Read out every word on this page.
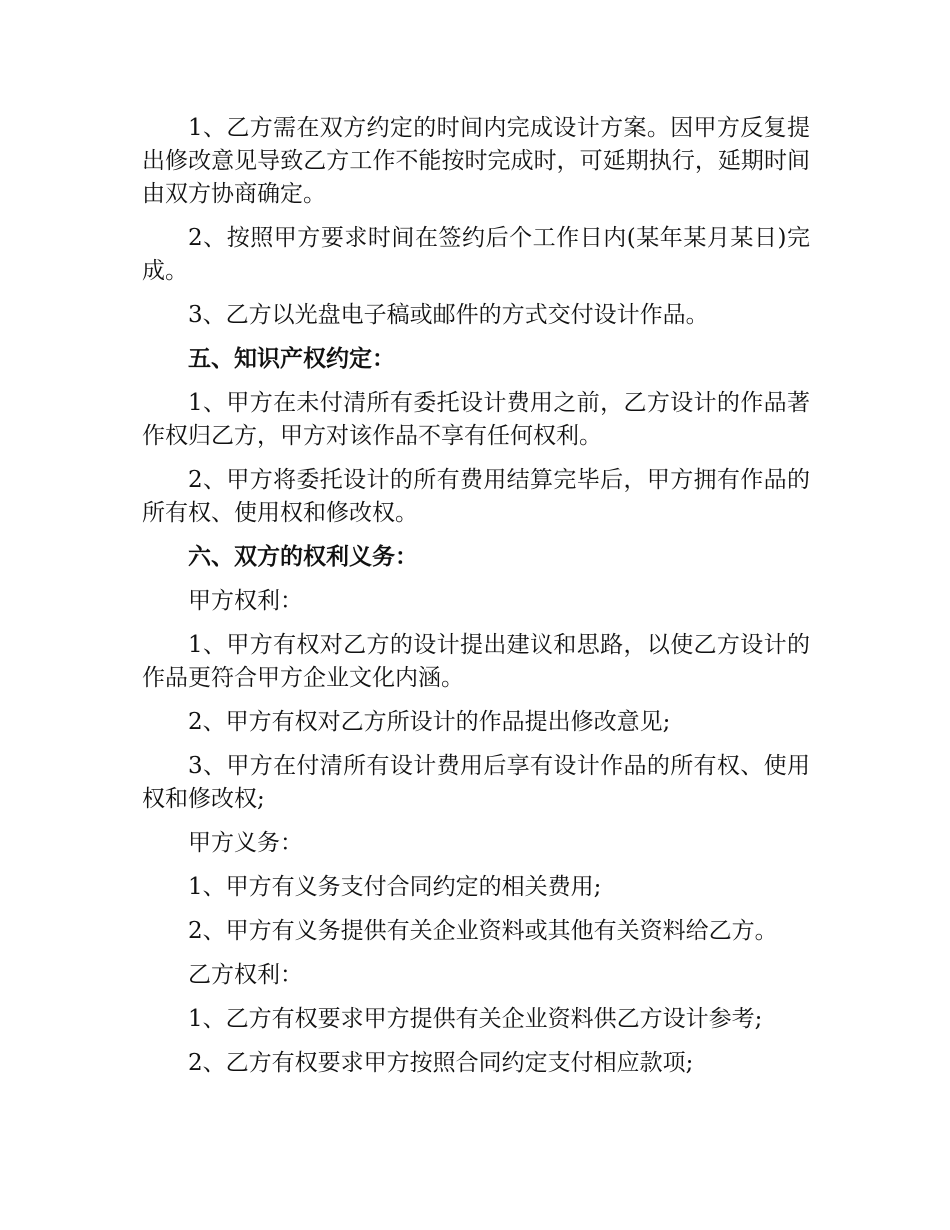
1、乙方需在双方约定的时间内完成设计方案。因甲方反复提出修改意见导致乙方工作不能按时完成时，可延期执行，延期时间由双方协商确定。

2、按照甲方要求时间在签约后个工作日内(某年某月某日)完成。

3、乙方以光盘电子稿或邮件的方式交付设计作品。

五、知识产权约定：

1、甲方在未付清所有委托设计费用之前，乙方设计的作品著作权归乙方，甲方对该作品不享有任何权利。

2、甲方将委托设计的所有费用结算完毕后，甲方拥有作品的所有权、使用权和修改权。

六、双方的权利义务：

甲方权利：

1、甲方有权对乙方的设计提出建议和思路，以使乙方设计的作品更符合甲方企业文化内涵。

2、甲方有权对乙方所设计的作品提出修改意见;

3、甲方在付清所有设计费用后享有设计作品的所有权、使用权和修改权;

甲方义务：

1、甲方有义务支付合同约定的相关费用;

2、甲方有义务提供有关企业资料或其他有关资料给乙方。

乙方权利：

1、乙方有权要求甲方提供有关企业资料供乙方设计参考;

2、乙方有权要求甲方按照合同约定支付相应款项;
